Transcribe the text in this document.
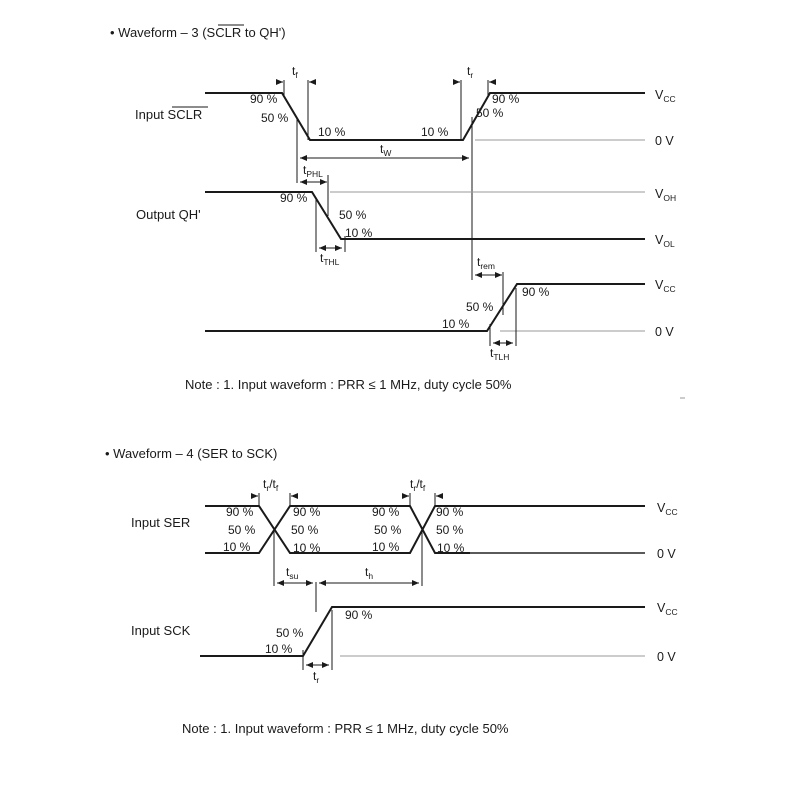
• Waveform – 3 (SCLR to QH')
Input SCLR
$V_{CC}$
0 V
90 %
50 %
10 %	10 %
50 %
90 %
$t_f$	$t_r$
$t_W$
Output QH'
$V_{OH}$
$V_{OL}$
90 %
50 %
10 %
$t_{PHL}$
$t_{THL}$
$V_{CC}$
0 V
90 %
50 %
10 %
$t_{rem}$
$t_{TLH}$
Note : 1. Input waveform : PRR ≤ 1 MHz, duty cycle 50%
• Waveform – 4 (SER to SCK)
Input SER
$V_{CC}$
0 V
90 %
50 %
10 %
90 %
50 %
10 %
90 %
50 %
10 %
90 %
50 %
10 %
$t_r/t_f$	$t_r/t_f$
$t_{su}$	$t_h$
Input SCK
$V_{CC}$
0 V
90 %
50 %
10 %
$t_r$
Note : 1. Input waveform : PRR ≤ 1 MHz, duty cycle 50%
